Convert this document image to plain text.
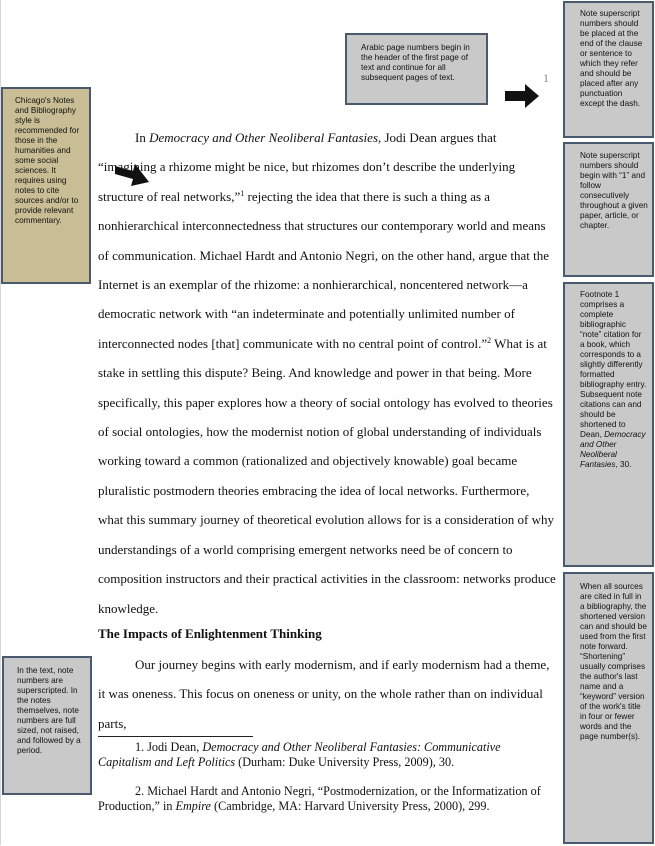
Arabic page numbers begin in the header of the first page of text and continue for all subsequent pages of text.
Chicago's Notes and Bibliography style is recommended for those in the humanities and some social sciences. It requires using notes to cite sources and/or to provide relevant commentary.
Note superscript numbers should be placed at the end of the clause or sentence to which they refer and should be placed after any punctuation except the dash.
Note superscript numbers should begin with “1” and follow consecutively throughout a given paper, article, or chapter.
Footnote 1 comprises a complete bibliographic “note” citation for a book, which corresponds to a slightly differently formatted bibliography entry. Subsequent note citations can and should be shortened to Dean, Democracy and Other Neoliberal Fantasies, 30.
When all sources are cited in full in a bibliography, the shortened version can and should be used from the first note forward. “Shortening” usually comprises the author's last name and a “keyword” version of the work's title in four or fewer words and the page number(s).
In the text, note numbers are superscripted. In the notes themselves, note numbers are full sized, not raised, and followed by a period.
1

In Democracy and Other Neoliberal Fantasies, Jodi Dean argues that “imagining a rhizome might be nice, but rhizomes don’t describe the underlying structure of real networks,”$^1$ rejecting the idea that there is such a thing as a nonhierarchical interconnectedness that structures our contemporary world and means of communication. Michael Hardt and Antonio Negri, on the other hand, argue that the Internet is an exemplar of the rhizome: a nonhierarchical, noncentered network—a democratic network with “an indeterminate and potentially unlimited number of interconnected nodes [that] communicate with no central point of control.”$^2$ What is at stake in settling this dispute? Being. And knowledge and power in that being. More specifically, this paper explores how a theory of social ontology has evolved to theories of social ontologies, how the modernist notion of global understanding of individuals working toward a common (rationalized and objectively knowable) goal became pluralistic postmodern theories embracing the idea of local networks. Furthermore, what this summary journey of theoretical evolution allows for is a consideration of why understandings of a world comprising emergent networks need be of concern to composition instructors and their practical activities in the classroom: networks produce knowledge.

The Impacts of Enlightenment Thinking

Our journey begins with early modernism, and if early modernism had a theme, it was oneness. This focus on oneness or unity, on the whole rather than on individual parts,

1. Jodi Dean, Democracy and Other Neoliberal Fantasies: Communicative Capitalism and Left Politics (Durham: Duke University Press, 2009), 30.
2. Michael Hardt and Antonio Negri, “Postmodernization, or the Informatization of Production,” in Empire (Cambridge, MA: Harvard University Press, 2000), 299.
